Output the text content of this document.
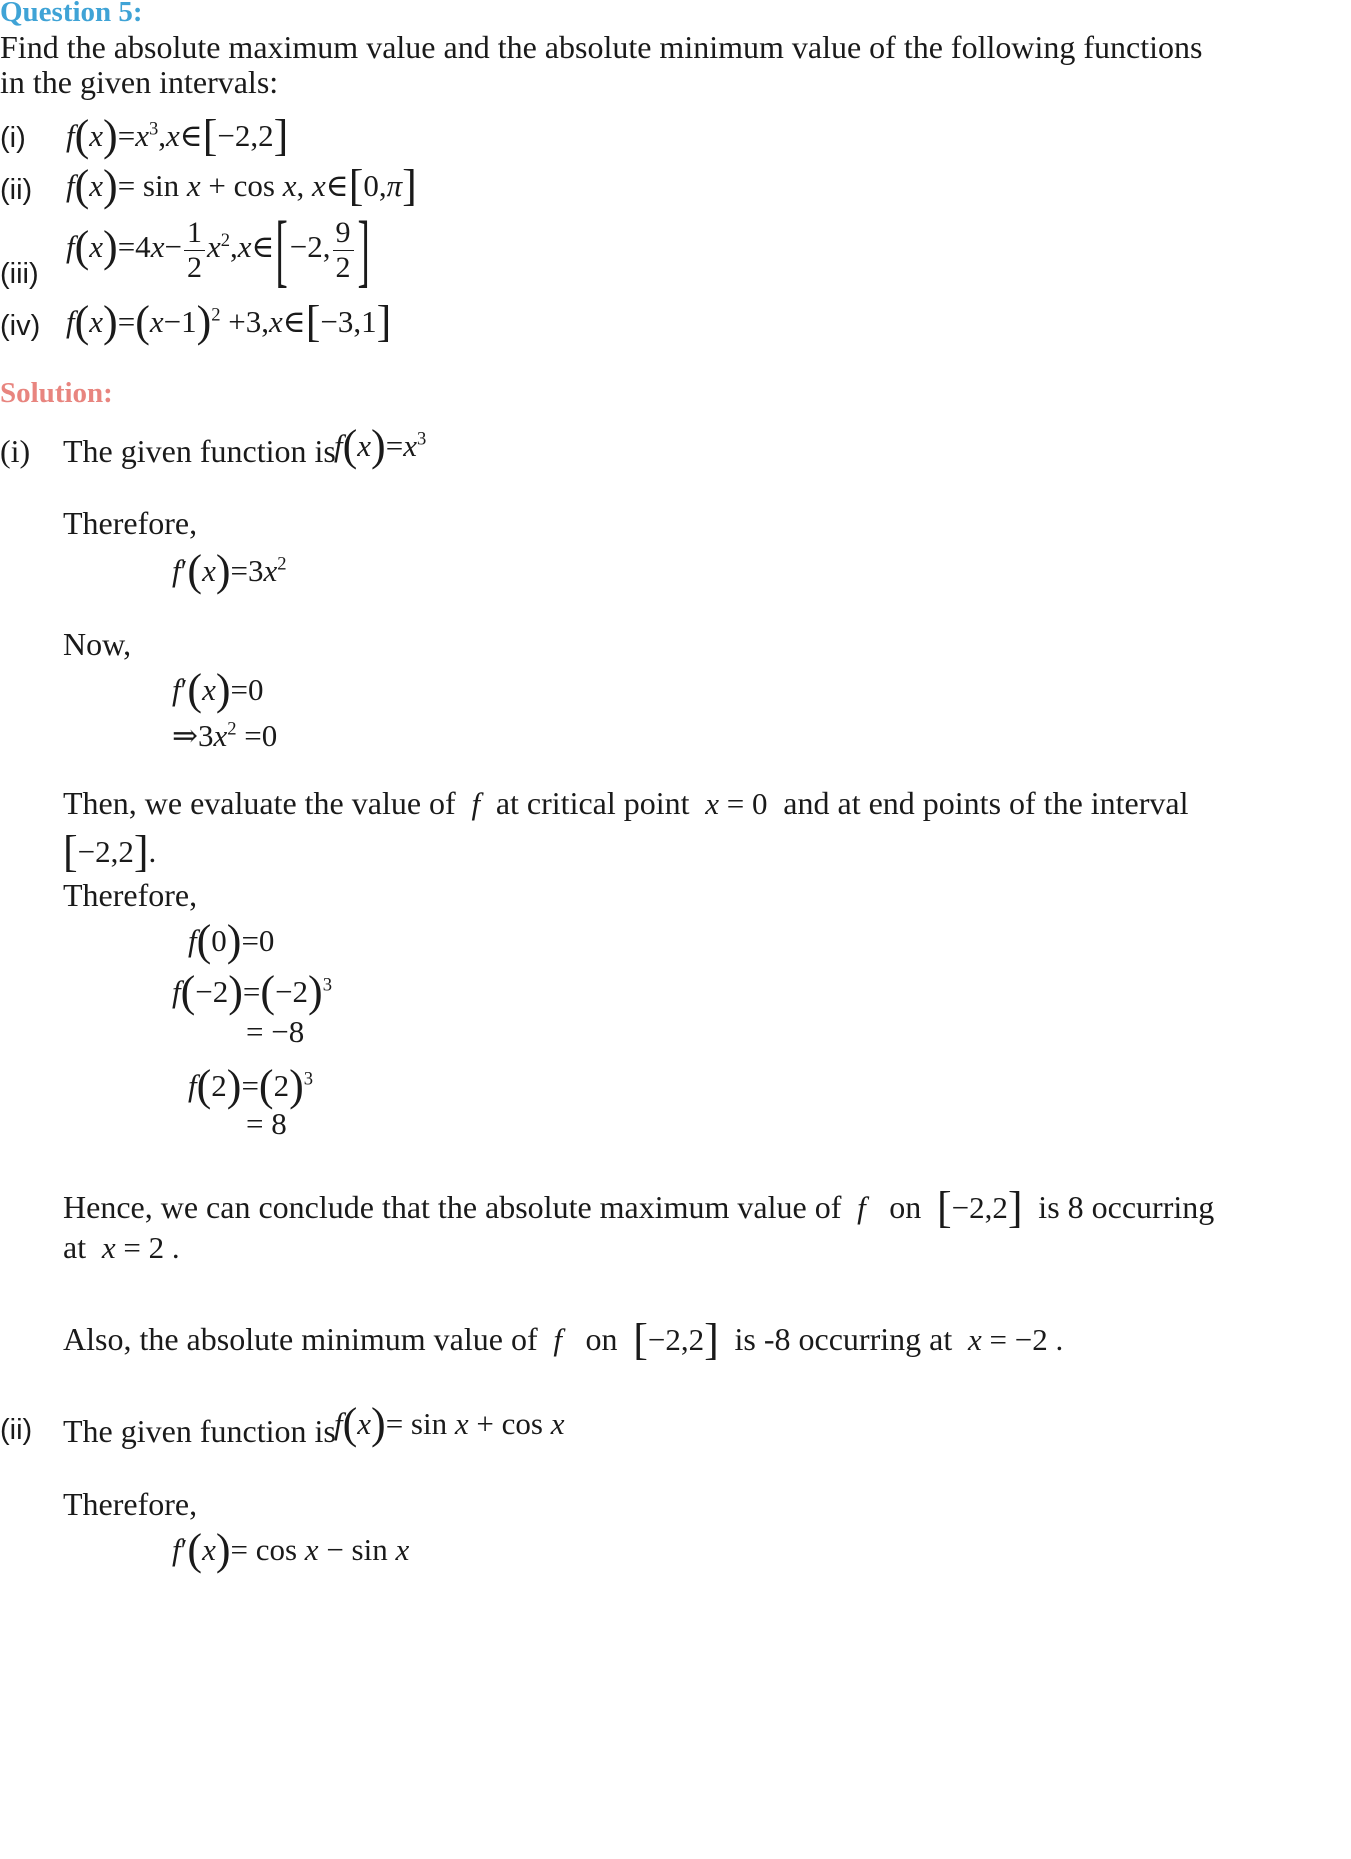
Question 5:
Find the absolute maximum value and the absolute minimum value of the following functions
in the given intervals:
(i) $f(x)=x^3,x\in[-2,2]$
(ii) f(x)= sin x + cos x, x∈[0,π]
(iii)
$f(x)=4x- \frac{1}{2}$ $x^2,x\in[-2$, $\frac{9}{2}$ ]
(iv) $f(x)=(x-1)^2$ +3,x∈[−3,1]
Solution:
(i) The given function is
$f(x)=x^3$
Therefore,
$f'(x)=3x^2$
Now,
f′(x)=0
$\Rightarrow 3x^2 =0$
Then, we evaluate the value of  f  at critical point x = 0  and at end points of the interval
[−2,2].
Therefore,
f(0)=0
$f(-2)=(-2)^3$
= −8
$f(2)=(2)^3$
= 8
Hence, we can conclude that the absolute maximum value of  f   on [−2,2] is 8 occurring
at x = 2 .
Also, the absolute minimum value of  f   on [−2,2] is -8 occurring at x = −2 .
(ii) The given function is
f(x)= sin x + cos x
Therefore,
f′(x)= cos x − sin x
